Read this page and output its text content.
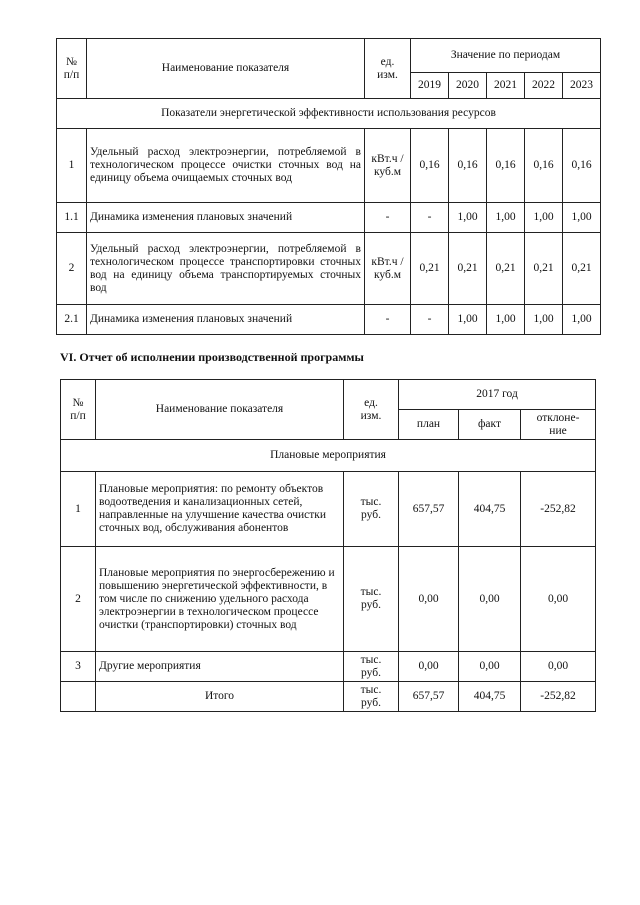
№
п/п	Наименование показателя	ед.
изм.	Значение по периодам				
			2019	2020	2021	2022	2023
Показатели энергетической эффективности использования ресурсов							
1	Удельный расход электроэнергии, потребляемой в технологическом процессе очистки сточных вод на единицу объема очищаемых сточных вод	кВт.ч / куб.м	0,16	0,16	0,16	0,16	0,16
1.1	Динамика изменения плановых значений	-	-	1,00	1,00	1,00	1,00
2	Удельный расход электроэнергии, потребляемой в технологическом процессе транспортировки сточных вод на единицу объема транспортируемых сточных вод	кВт.ч / куб.м	0,21	0,21	0,21	0,21	0,21
2.1	Динамика изменения плановых значений	-	-	1,00	1,00	1,00	1,00
VI. Отчет об исполнении производственной программы
№
п/п	Наименование показателя	ед.
изм.	2017 год		
			план	факт	отклоне-
ние
Плановые мероприятия					
1	Плановые мероприятия: по ремонту объектов водоотведения и канализационных сетей, направленные на улучшение качества очистки сточных вод, обслуживания абонентов	тыс.
руб.	657,57	404,75	-252,82
2	Плановые мероприятия по энергосбережению и повышению энергетической эффективности, в том числе по снижению удельного расхода электроэнергии в технологическом процессе очистки (транспортировки) сточных вод	тыс.
руб.	0,00	0,00	0,00
3	Другие мероприятия	тыс.
руб.	0,00	0,00	0,00
	Итого	тыс.
руб.	657,57	404,75	-252,82
